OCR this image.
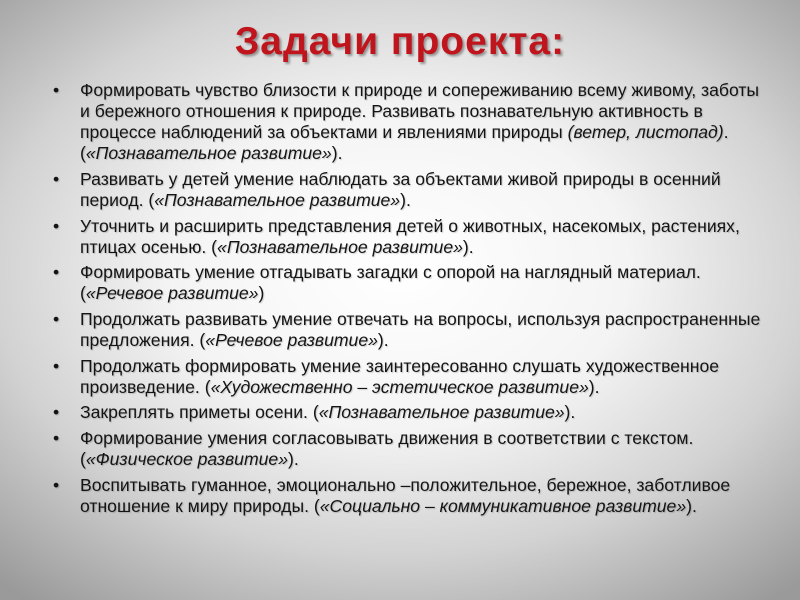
Задачи проекта:
•	Формировать чувство близости к природе и сопереживанию всему живому, заботы и бережного отношения к природе. Развивать познавательную активность в процессе наблюдений за объектами и явлениями природы (ветер, листопад). («Познавательное развитие»).
•	Развивать у детей умение наблюдать за объектами живой природы в осенний период. («Познавательное развитие»).
•	Уточнить и расширить представления детей о животных, насекомых, растениях, птицах осенью. («Познавательное развитие»).
•	Формировать умение отгадывать загадки с опорой на наглядный материал. («Речевое развитие»)
•	Продолжать развивать умение отвечать на вопросы, используя распространенные предложения. («Речевое развитие»).
•	Продолжать формировать умение заинтересованно слушать художественное произведение. («Художественно – эстетическое развитие»).
•	Закреплять приметы осени. («Познавательное развитие»).
•	Формирование умения согласовывать движения в соответствии с текстом. («Физическое развитие»).
•	Воспитывать гуманное, эмоционально –положительное, бережное, заботливое отношение к миру природы. («Социально – коммуникативное развитие»).
